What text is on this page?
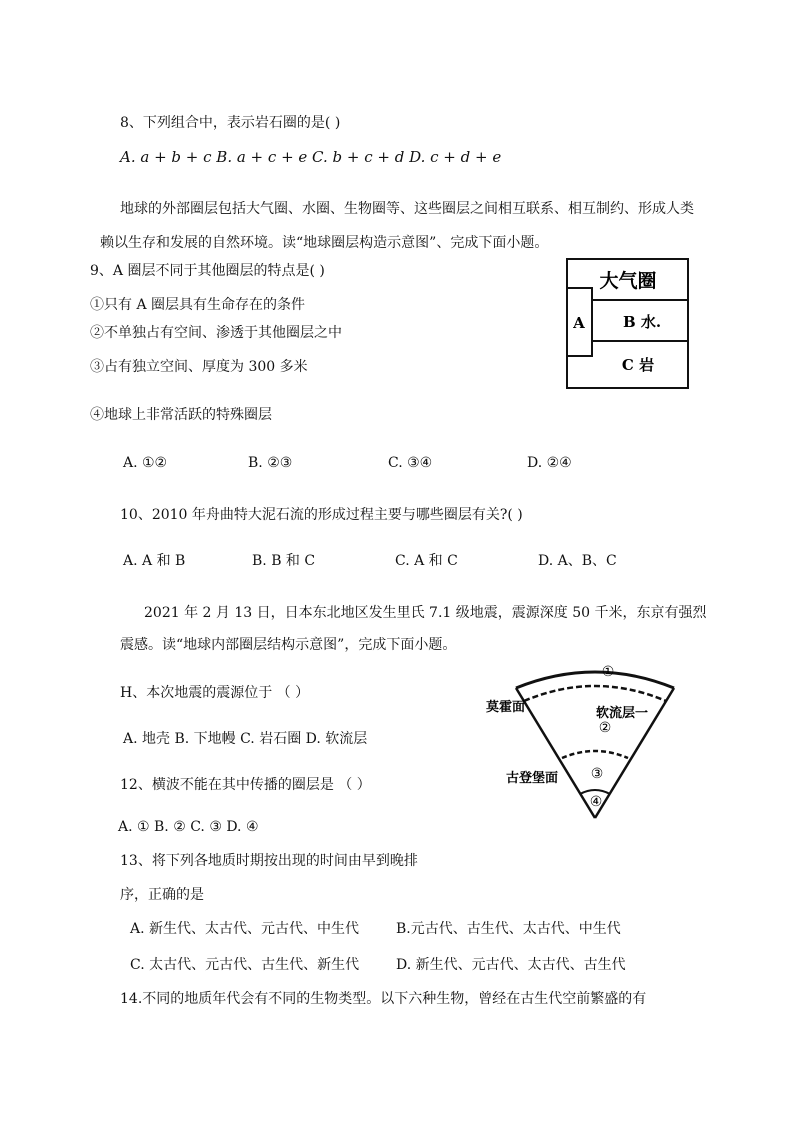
8、下列组合中，表示岩石圈的是( )
A. a + b + c B. a + c + e C. b + c + d D. c + d + e
地球的外部圈层包括大气圈、水圈、生物圈等、这些圈层之间相互联系、相互制约、形成人类
赖以生存和发展的自然环境。读“地球圈层构造示意图”、完成下面小题。
9、A 圈层不同于其他圈层的特点是( )
①只有 A 圈层具有生命存在的条件
②不单独占有空间、渗透于其他圈层之中
③占有独立空间、厚度为 300 多米
④地球上非常活跃的特殊圈层
A. ①②	B. ②③	C. ③④	D. ②④
大气圈
A	B 水.
C 岩
10、2010 年舟曲特大泥石流的形成过程主要与哪些圈层有关?( )
A. A 和 B	B. B 和 C	C. A 和 C	D. A、B、C
2021 年 2 月 13 日，日本东北地区发生里氏 7.1 级地震，震源深度 50 千米，东京有强烈
震感。读“地球内部圈层结构示意图”，完成下面小题。
H、本次地震的震源位于 （ ）
A. 地壳 B. 下地幔 C. 岩石圈 D. 软流层
12、横波不能在其中传播的圈层是 （ ）
A. ① B. ② C. ③ D. ④
①
②
③
④
莫霍面
古登堡面
软流层一
13、将下列各地质时期按出现的时间由早到晚排
序，正确的是
A. 新生代、太古代、元古代、中生代	B.元古代、古生代、太古代、中生代
C. 太古代、元古代、古生代、新生代	D. 新生代、元古代、太古代、古生代
14.不同的地质年代会有不同的生物类型。以下六种生物，曾经在古生代空前繁盛的有
